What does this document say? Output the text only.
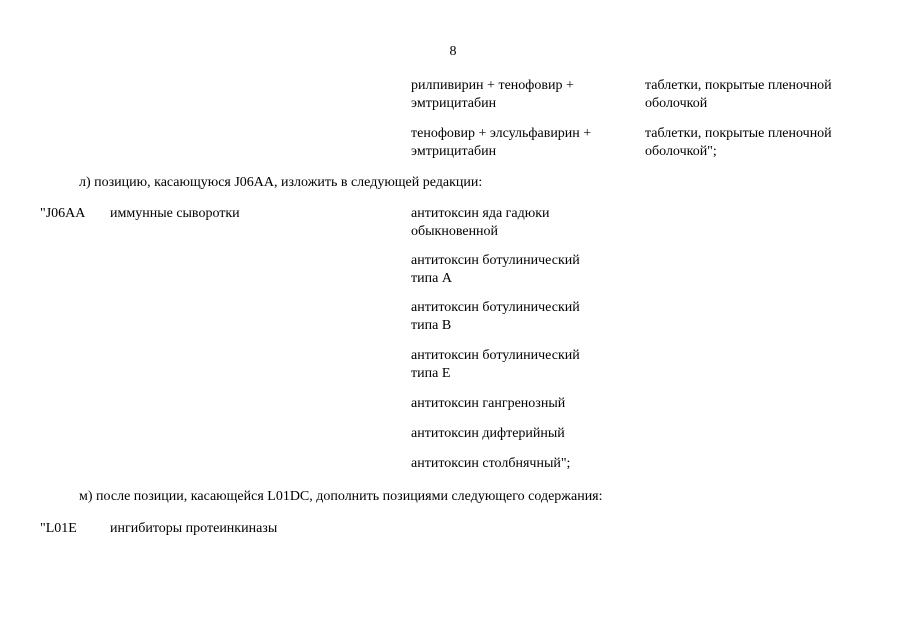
8
рилпивирин + тенофовир +
эмтрицитабин
таблетки, покрытые пленочной
оболочкой
тенофовир + элсульфавирин +
эмтрицитабин
таблетки, покрытые пленочной
оболочкой";
л) позицию, касающуюся J06AA, изложить в следующей редакции:
"J06AA иммунные сыворотки	антитоксин яда гадюки
обыкновенной
антитоксин ботулинический
типа A
антитоксин ботулинический
типа B
антитоксин ботулинический
типа E
антитоксин гангренозный
антитоксин дифтерийный
антитоксин столбнячный";
м) после позиции, касающейся L01DC, дополнить позициями следующего содержания:
"L01E ингибиторы протеинкиназы
